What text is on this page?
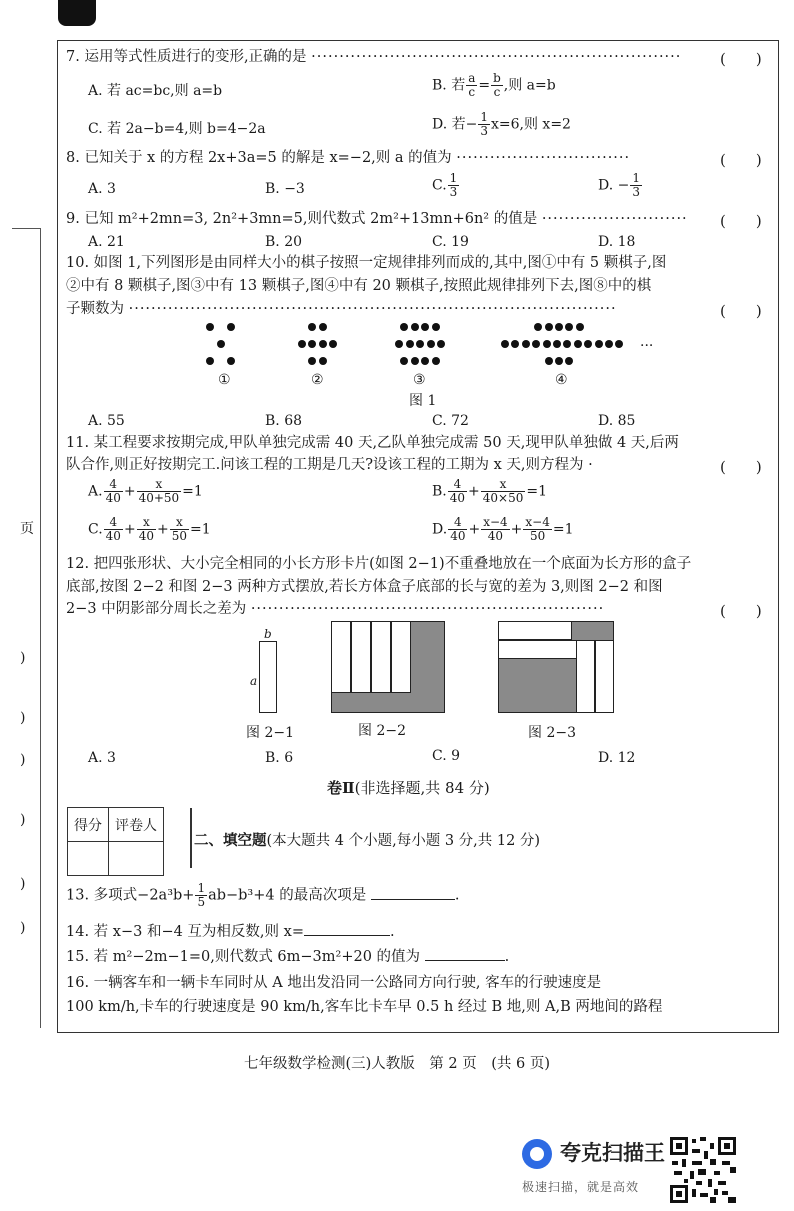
页
)
)
)
)
)
)
7. 运用等式性质进行的变形,正确的是 ··································································	(　　)
A. 若 ac=bc,则 a=b	B. 若 $\frac{a}{c} = \frac{b}{c}$ ,则 a=b
C. 若 2a−b=4,则 b=4−2a	D. 若− $\frac{1}{3} x=6$,则 x=2
8. 已知关于 x 的方程 2x+3a=5 的解是 x=−2,则 a 的值为 ·······························	(　　)
A. 3	B. −3	C. $\frac{1}{3}$	D. − $\frac{1}{3}$
9. 已知 m²+2mn=3, 2n²+3mn=5,则代数式 2m²+13mn+6n² 的值是 ·························· (　　)
A. 21	B. 20	C. 19	D. 18
10. 如图 1,下列图形是由同样大小的棋子按照一定规律排列而成的,其中,图①中有 5 颗棋子,图
②中有 8 颗棋子,图③中有 13 颗棋子,图④中有 20 颗棋子,按照此规律排列下去,图⑧中的棋
子颗数为 ·······················································································	(　　)
①	②	③	④
···
图 1
A. 55	B. 68	C. 72	D. 85
11. 某工程要求按期完成,甲队单独完成需 40 天,乙队单独完成需 50 天,现甲队单独做 4 天,后两
队合作,则正好按期完工.问该工程的工期是几天?设该工程的工期为 x 天,则方程为 ·	(　　)
A. $\frac{4}{40} + \frac{x}{40+50} =1$	B. $\frac{4}{40} + \frac{x}{40\times 50} =1$
C. $\frac{4}{40} + \frac{x}{40} + \frac{x}{50} =1$	D. $\frac{4}{40} + \frac{x-4}{40} + \frac{x-4}{50} =1$
12. 把四张形状、大小完全相同的小长方形卡片(如图 2−1)不重叠地放在一个底面为长方形的盒子
底部,按图 2−2 和图 2−3 两种方式摆放,若长方体盒子底部的长与宽的差为 3,则图 2−2 和图
2−3 中阴影部分周长之差为 ·······························································	(　　)
b
a
图 2−1	图 2−2	图 2−3
A. 3	B. 6	C. 9	D. 12
卷Ⅱ(非选择题,共 84 分)
得分	评卷人

二、填空题(本大题共 4 个小题,每小题 3 分,共 12 分)
13. 多项式$-2a^3b+ \frac{1}{5} ab-b^3+4$ 的最高次项是	.
14. 若 x−3 和−4 互为相反数,则 x=	.
15. 若 m²−2m−1=0,则代数式 6m−3m²+20 的值为	.
16. 一辆客车和一辆卡车同时从 A 地出发沿同一公路同方向行驶, 客车的行驶速度是
100 km/h,卡车的行驶速度是 90 km/h,客车比卡车早 0.5 h 经过 B 地,则 A,B 两地间的路程
七年级数学检测(三)人教版　第 2 页　(共 6 页)
夸克扫描王
极速扫描，就是高效
